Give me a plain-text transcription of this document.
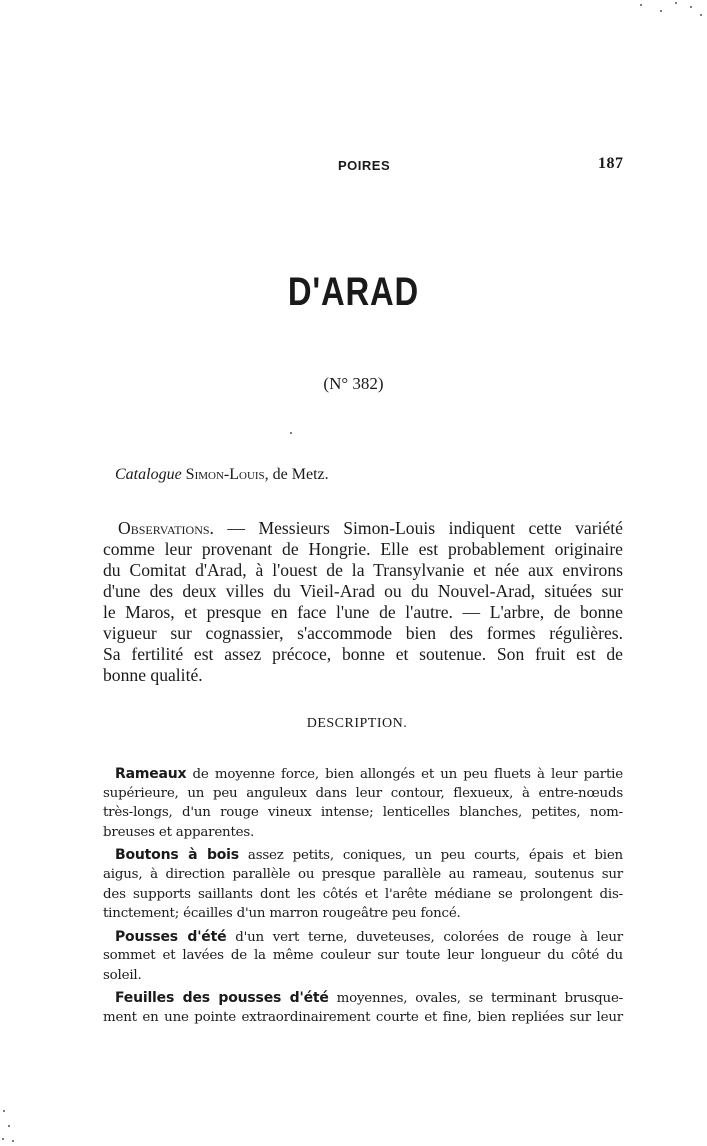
POIRES	187
D'ARAD
(N° 382)
Catalogue Simon-Louis, de Metz.
Observations. — Messieurs Simon-Louis indiquent cette variété
comme leur provenant de Hongrie. Elle est probablement originaire
du Comitat d'Arad, à l'ouest de la Transylvanie et née aux environs
d'une des deux villes du Vieil-Arad ou du Nouvel-Arad, situées sur
le Maros, et presque en face l'une de l'autre. — L'arbre, de bonne
vigueur sur cognassier, s'accommode bien des formes régulières.
Sa fertilité est assez précoce, bonne et soutenue. Son fruit est de
bonne qualité.
DESCRIPTION.
Rameaux de moyenne force, bien allongés et un peu fluets à leur partie
supérieure, un peu anguleux dans leur contour, flexueux, à entre-nœuds
très-longs, d'un rouge vineux intense; lenticelles blanches, petites, nom-
breuses et apparentes.
Boutons à bois assez petits, coniques, un peu courts, épais et bien
aigus, à direction parallèle ou presque parallèle au rameau, soutenus sur
des supports saillants dont les côtés et l'arête médiane se prolongent dis-
tinctement; écailles d'un marron rougeâtre peu foncé.
Pousses d'été d'un vert terne, duveteuses, colorées de rouge à leur
sommet et lavées de la même couleur sur toute leur longueur du côté du
soleil.
Feuilles des pousses d'été moyennes, ovales, se terminant brusque-
ment en une pointe extraordinairement courte et fine, bien repliées sur leur
